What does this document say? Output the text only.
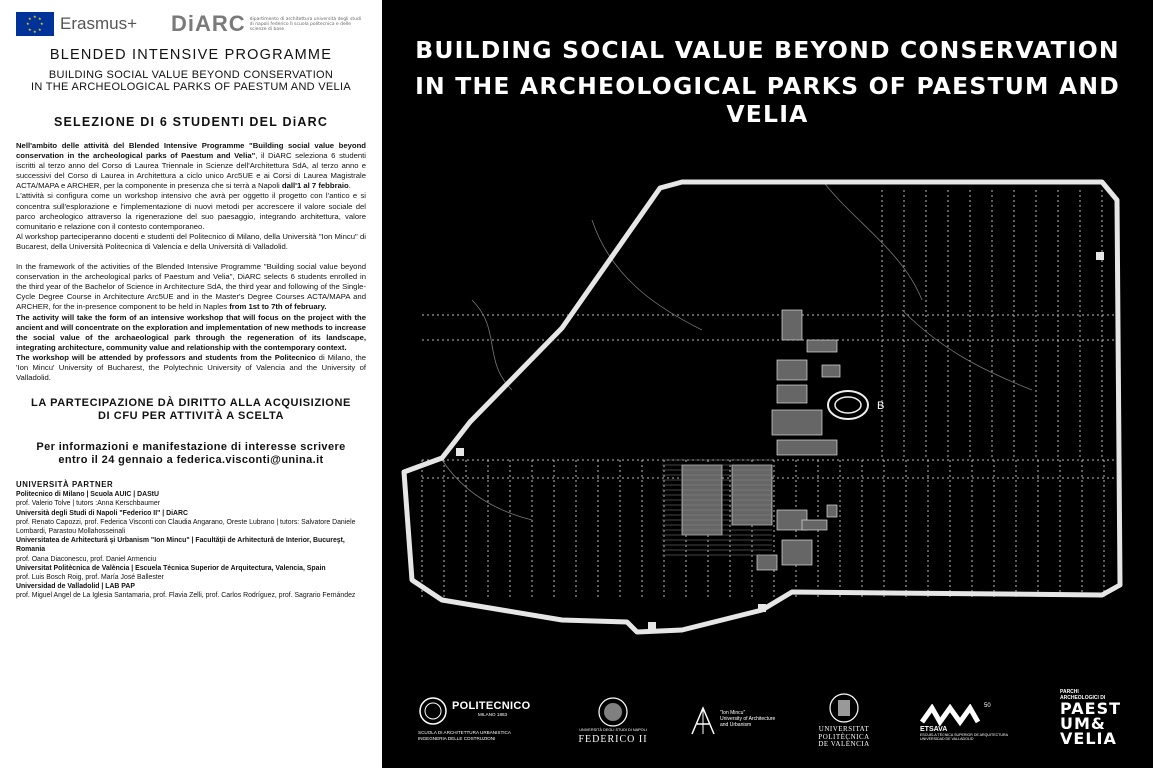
★ ★
★
★
★
★
★
★ Erasmus+ DiARC dipartimento di architettura università degli studi di napoli federico II scuola politecnica e delle scienze di base
BLENDED INTENSIVE PROGRAMME
BUILDING SOCIAL VALUE BEYOND CONSERVATION
IN THE ARCHEOLOGICAL PARKS OF PAESTUM AND VELIA
SELEZIONE DI 6 STUDENTI DEL DiARC

Nell'ambito delle attività del Blended Intensive Programme "Building social value beyond conservation in the archeological parks of Paestum and Velia", il DiARC seleziona 6 studenti iscritti al terzo anno del Corso di Laurea Triennale in Scienze dell'Architettura SdA, al terzo anno e successivi del Corso di Laurea in Architettura a ciclo unico Arc5UE e ai Corsi di Laurea Magistrale ACTA/MAPA e ARCHER, per la componente in presenza che si terrà a Napoli dall'1 al 7 febbraio.

L'attività si configura come un workshop intensivo che avrà per oggetto il progetto con l'antico e si concentra sull'esplorazione e l'implementazione di nuovi metodi per accrescere il valore sociale del parco archeologico attraverso la rigenerazione del suo paesaggio, integrando architettura, valore comunitario e relazione con il contesto contemporaneo.

Al workshop parteciperanno docenti e studenti del Politecnico di Milano, della Università "Ion Mincu" di Bucarest, della Università Politecnica di Valencia e della Università di Valladolid.

In the framework of the activities of the Blended Intensive Programme "Building social value beyond conservation in the archeological parks of Paestum and Velia", DiARC selects 6 students enrolled in the third year of the Bachelor of Science in Architecture SdA, the third year and following of the Single-Cycle Degree Course in Architecture Arc5UE and in the Master's Degree Courses ACTA/MAPA and ARCHER, for the in-presence component to be held in Naples from 1st to 7th of february.

The activity will take the form of an intensive workshop that will focus on the project with the ancient and will concentrate on the exploration and implementation of new methods to increase the social value of the archaeological park through the regeneration of its landscape, integrating architecture, community value and relationship with the contemporary context.

The workshop will be attended by professors and students from the Politecnico di Milano, the 'Ion Mincu' University of Bucharest, the Polytechnic University of Valencia and the University of Valladolid.

LA PARTECIPAZIONE DÀ DIRITTO ALLA ACQUISIZIONE
DI CFU PER ATTIVITÀ A SCELTA
Per informazioni e manifestazione di interesse scrivere
entro il 24 gennaio a federica.visconti@unina.it
UNIVERSITÀ PARTNER
Politecnico di Milano | Scuola AUIC | DAStU
prof. Valerio Tolve | tutors :Anna Kerschbaumer
Università degli Studi di Napoli "Federico II" | DiARC
prof. Renato Capozzi, prof. Federica Visconti con Claudia Angarano, Oreste Lubrano | tutors: Salvatore Daniele Lombardi, Parastou Mollahosseinali
Universitatea de Arhitectură şi Urbanism "Ion Mincu" | Facultăţii de Arhitectură de Interior, Bucureşt, Romania
prof. Oana Diaconescu, prof. Daniel Armenciu
Universitat Politècnica de València | Escuela Técnica Superior de Arquitectura, Valencia, Spain
prof. Luis Bosch Roig, prof. María José Ballester
Universidad de Valladolid | LAB PAP
prof. Miguel Angel de La Iglesia Santamaria, prof. Flavia Zelli, prof. Carlos Rodríguez, prof. Sagrario Fernández
BUILDING SOCIAL VALUE BEYOND CONSERVATION
IN THE ARCHEOLOGICAL PARKS OF PAESTUM AND VELIA
B
POLITECNICO
MILANO 1863
SCUOLA DI ARCHITETTURA URBANISTICA
INGEGNERIA DELLE COSTRUZIONI
UNIVERSITÀ DEGLI STUDI DI NAPOLI
FEDERICO II
"Ion Mincu"
University of Architecture
and Urbanism	UNIVERSITAT
POLITÈCNICA
DE VALÈNCIA
50
ETSAVA
ESCUELA TÉCNICA SUPERIOR DE ARQUITECTURA
UNIVERSIDAD DE VALLADOLID
PARCHI
ARCHEOLOGICI DI
PAEST
UM&
VELIA
